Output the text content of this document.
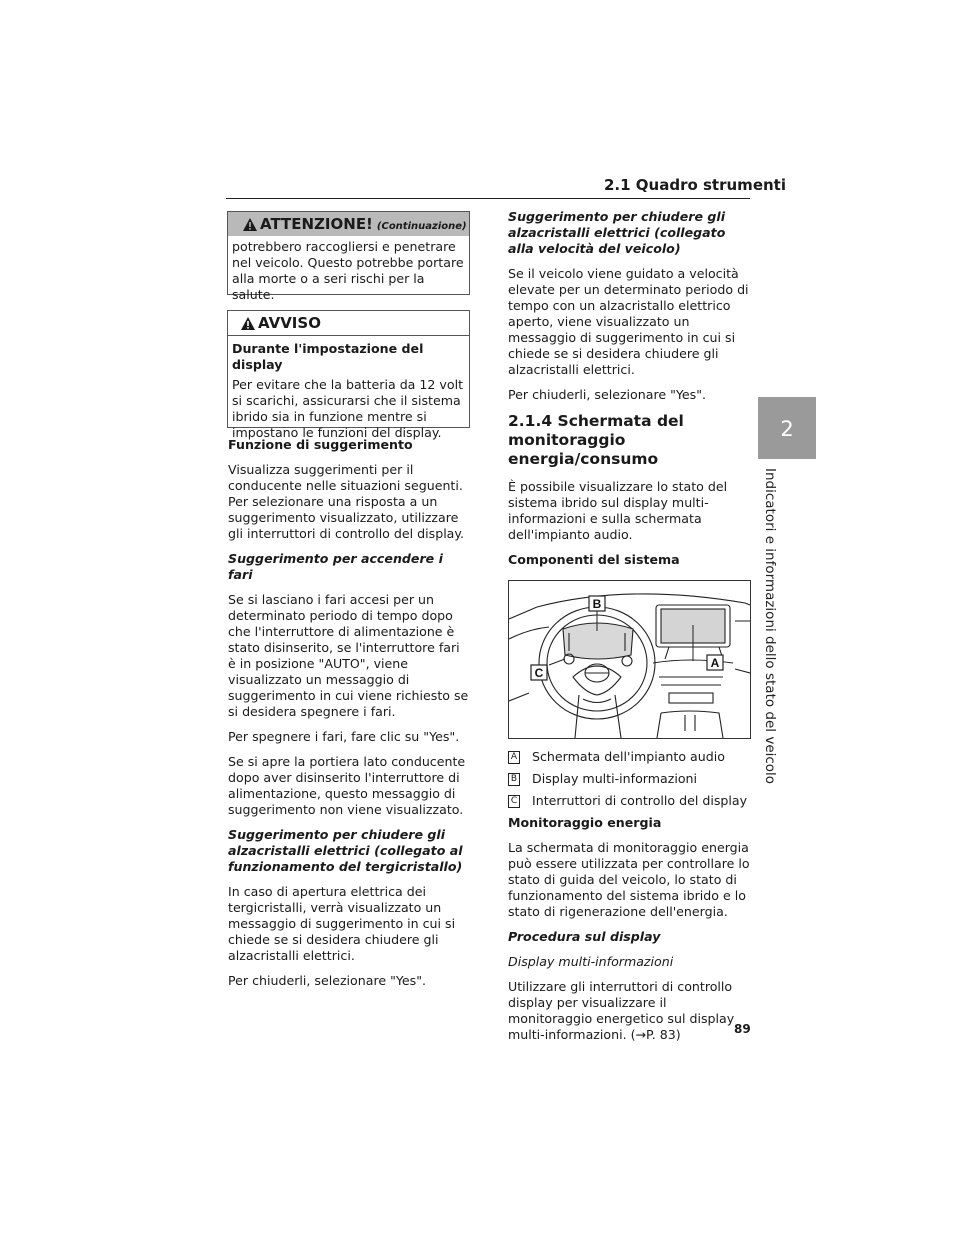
2.1 Quadro strumenti
2
Indicatori e informazioni dello stato del veicolo
ATTENZIONE! (Continuazione)
potrebbero raccogliersi e penetrare nel veicolo. Questo potrebbe portare alla morte o a seri rischi per la salute.
AVVISO

Durante l'impostazione del display

Per evitare che la batteria da 12 volt si scarichi, assicurarsi che il sistema ibrido sia in funzione mentre si impostano le funzioni del display.

Funzione di suggerimento

Visualizza suggerimenti per il conducente nelle situazioni seguenti. Per selezionare una risposta a un suggerimento visualizzato, utilizzare gli interruttori di controllo del display.

Suggerimento per accendere i fari

Se si lasciano i fari accesi per un determinato periodo di tempo dopo che l'interruttore di alimentazione è stato disinserito, se l'interruttore fari è in posizione "AUTO", viene visualizzato un messaggio di suggerimento in cui viene richiesto se si desidera spegnere i fari.

Per spegnere i fari, fare clic su "Yes".

Se si apre la portiera lato conducente dopo aver disinserito l'interruttore di alimentazione, questo messaggio di suggerimento non viene visualizzato.

Suggerimento per chiudere gli alzacristalli elettrici (collegato al funzionamento del tergicristallo)

In caso di apertura elettrica dei tergicristalli, verrà visualizzato un messaggio di suggerimento in cui si chiede se si desidera chiudere gli alzacristalli elettrici.

Per chiuderli, selezionare "Yes".

Suggerimento per chiudere gli alzacristalli elettrici (collegato alla velocità del veicolo)

Se il veicolo viene guidato a velocità elevate per un determinato periodo di tempo con un alzacristallo elettrico aperto, viene visualizzato un messaggio di suggerimento in cui si chiede se si desidera chiudere gli alzacristalli elettrici.

Per chiuderli, selezionare "Yes".

2.1.4 Schermata del monitoraggio energia/consumo

È possibile visualizzare lo stato del sistema ibrido sul display multi-informazioni e sulla schermata dell'impianto audio.

Componenti del sistema

B
A
C

A Schermata dell'impianto audio

B Display multi-informazioni

C Interruttori di controllo del display

Monitoraggio energia

La schermata di monitoraggio energia può essere utilizzata per controllare lo stato di guida del veicolo, lo stato di funzionamento del sistema ibrido e lo stato di rigenerazione dell'energia.

Procedura sul display

Display multi-informazioni

Utilizzare gli interruttori di controllo display per visualizzare il monitoraggio energetico sul display multi-informazioni. (→P. 83)	89
